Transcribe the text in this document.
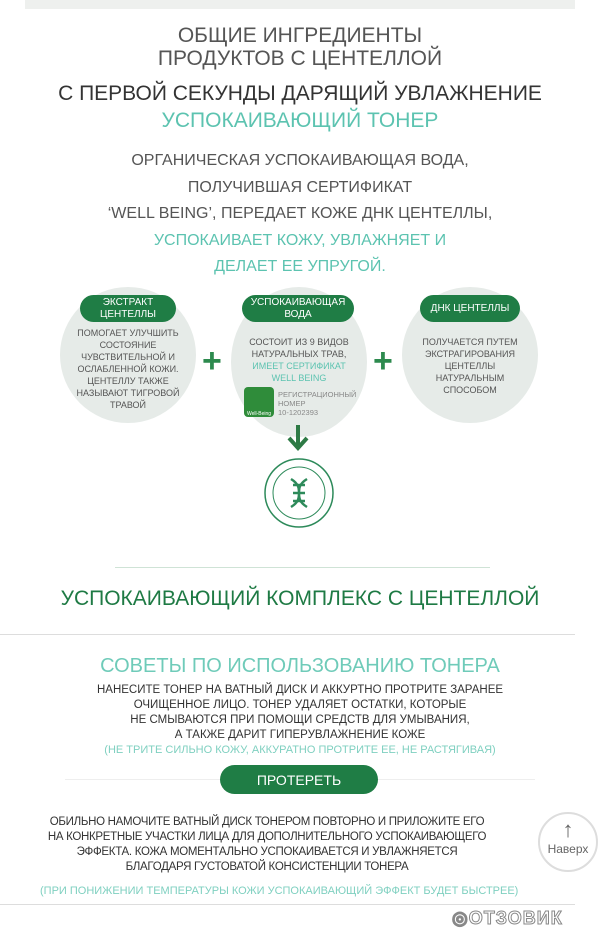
ОБЩИЕ ИНГРЕДИЕНТЫ
ПРОДУКТОВ С ЦЕНТЕЛЛОЙ
С ПЕРВОЙ СЕКУНДЫ ДАРЯЩИЙ УВЛАЖНЕНИЕ
УСПОКАИВАЮЩИЙ ТОНЕР
ОРГАНИЧЕСКАЯ УСПОКАИВАЮЩАЯ ВОДА,
ПОЛУЧИВШАЯ СЕРТИФИКАТ
‘WELL BEING’, ПЕРЕДАЕТ КОЖЕ ДНК ЦЕНТЕЛЛЫ,
УСПОКАИВАЕТ КОЖУ, УВЛАЖНЯЕТ И
ДЕЛАЕТ ЕЕ УПРУГОЙ.
ЭКСТРАКТ ЦЕНТЕЛЛЫ
УСПОКАИВАЮЩАЯ ВОДА
ДНК ЦЕНТЕЛЛЫ
ПОМОГАЕТ УЛУЧШИТЬ СОСТОЯНИЕ ЧУВСТВИТЕЛЬНОЙ И ОСЛАБЛЕННОЙ КОЖИ. ЦЕНТЕЛЛУ ТАКЖЕ НАЗЫВАЮТ ТИГРОВОЙ ТРАВОЙ
СОСТОИТ ИЗ 9 ВИДОВ НАТУРАЛЬНЫХ ТРАВ, ИМЕЕТ СЕРТИФИКАТ WELL BEING
Well-Being
РЕГИСТРАЦИОННЫЙ НОМЕР
10-1202393
ПОЛУЧАЕТСЯ ПУТЕМ ЭКСТРАГИРОВАНИЯ ЦЕНТЕЛЛЫ НАТУРАЛЬНЫМ СПОСОБОМ
+	+
УСПОКАИВАЮЩИЙ КОМПЛЕКС С ЦЕНТЕЛЛОЙ
СОВЕТЫ ПО ИСПОЛЬЗОВАНИЮ ТОНЕРА
НАНЕСИТЕ ТОНЕР НА ВАТНЫЙ ДИСК И АККУРТНО ПРОТРИТЕ ЗАРАНЕЕ
ОЧИЩЕННОЕ ЛИЦО. ТОНЕР УДАЛЯЕТ ОСТАТКИ, КОТОРЫЕ
НЕ СМЫВАЮТСЯ ПРИ ПОМОЩИ СРЕДСТВ ДЛЯ УМЫВАНИЯ,
А ТАКЖЕ ДАРИТ ГИПЕРУВЛАЖНЕНИЕ КОЖЕ
(НЕ ТРИТЕ СИЛЬНО КОЖУ, АККУРАТНО ПРОТРИТЕ ЕЕ, НЕ РАСТЯГИВАЯ)
ПРОТЕРЕТЬ
ОБИЛЬНО НАМОЧИТЕ ВАТНЫЙ ДИСК ТОНЕРОМ ПОВТОРНО И ПРИЛОЖИТЕ ЕГО
НА КОНКРЕТНЫЕ УЧАСТКИ ЛИЦА ДЛЯ ДОПОЛНИТЕЛЬНОГО УСПОКАИВАЮЩЕГО
ЭФФЕКТА. КОЖА МОМЕНТАЛЬНО УСПОКАИВАЕТСЯ И УВЛАЖНЯЕТСЯ
БЛАГОДАРЯ ГУСТОВАТОЙ КОНСИСТЕНЦИИ ТОНЕРА
(ПРИ ПОНИЖЕНИИ ТЕМПЕРАТУРЫ КОЖИ УСПОКАИВАЮЩИЙ ЭФФЕКТ БУДЕТ БЫСТРЕЕ)
↑
Наверх
◎ОТЗОВИК
